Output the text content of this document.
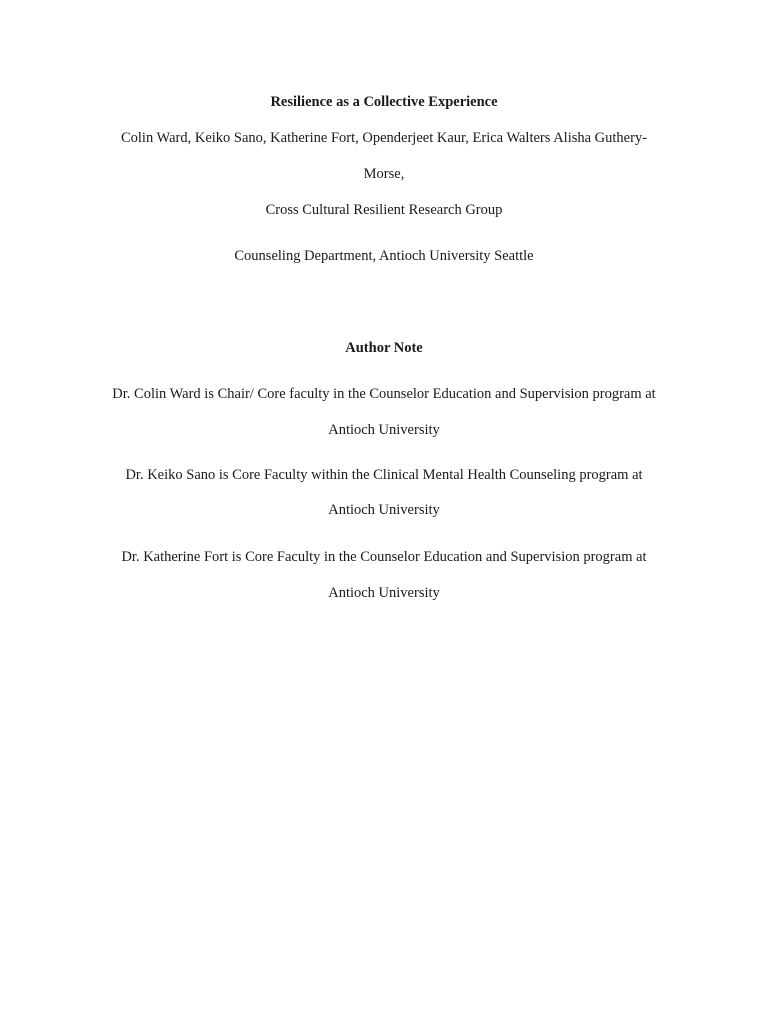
Resilience as a Collective Experience
Colin Ward, Keiko Sano, Katherine Fort, Openderjeet Kaur, Erica Walters Alisha Guthery-
Morse,
Cross Cultural Resilient Research Group
Counseling Department, Antioch University Seattle
Author Note
Dr. Colin Ward is Chair/ Core faculty in the Counselor Education and Supervision program at
Antioch University
Dr. Keiko Sano is Core Faculty within the Clinical Mental Health Counseling program at
Antioch University
Dr. Katherine Fort is Core Faculty in the Counselor Education and Supervision program at
Antioch University
